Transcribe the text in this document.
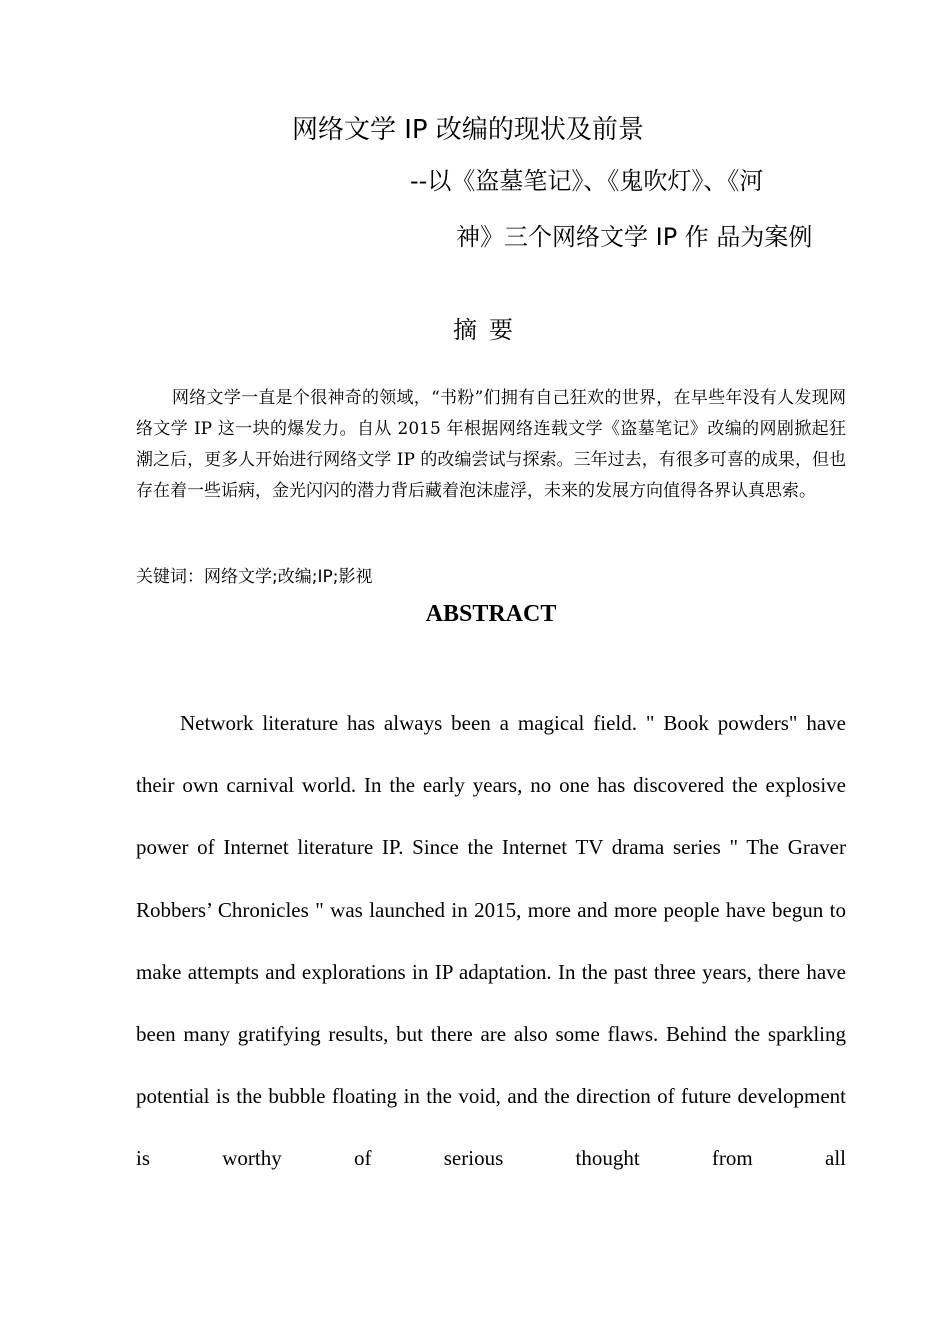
网络文学 IP 改编的现状及前景
--以《盗墓笔记》、《鬼吹灯》、《河
神》三个网络文学 IP 作 品为案例
摘要

网络文学一直是个很神奇的领域，“书粉”们拥有自己狂欢的世界，在早些年没有人发现网络文学 IP 这一块的爆发力。自从 2015 年根据网络连载文学《盗墓笔记》改编的网剧掀起狂潮之后，更多人开始进行网络文学 IP 的改编尝试与探索。三年过去，有很多可喜的成果，但也存在着一些诟病，金光闪闪的潜力背后藏着泡沫虚浮，未来的发展方向值得各界认真思索。

关键词：网络文学;改编;IP;影视
ABSTRACT

Network literature has always been a magical field. " Book powders" have their own carnival world. In the early years, no one has discovered the explosive power of Internet literature IP. Since the Internet TV drama series " The Graver Robbers’ Chronicles " was launched in 2015, more and more people have begun to make attempts and explorations in IP adaptation. In the past three years, there have been many gratifying results, but there are also some flaws. Behind the sparkling potential is the bubble floating in the void, and the direction of future development is worthy of serious thought from all
